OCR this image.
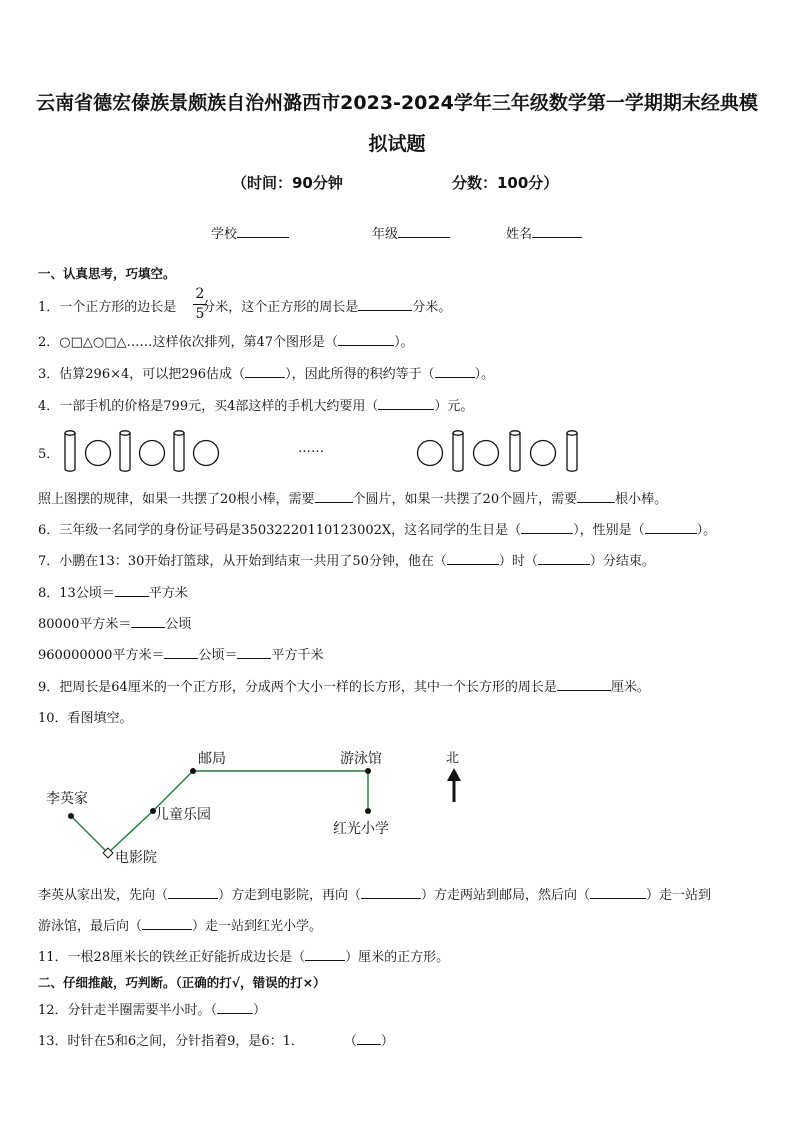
云南省德宏傣族景颇族自治州潞西市2023-2024学年三年级数学第一学期期末经典模
拟试题
（时间：90分钟	分数：100分）
学校	年级	姓名
一、认真思考，巧填空。
1．一个正方形的边长是 分米，这个正方形的周长是	分米。
2
5
2．○□△○□△……这样依次排列，第47个图形是（	）。
3．估算296×4，可以把296估成（	），因此所得的积约等于（	）。
4．一部手机的价格是799元，买4部这样的手机大约要用（	）元。
5．	……
照上图摆的规律，如果一共摆了20根小棒，需要	个圆片，如果一共摆了20个圆片，需要	根小棒。
6．三年级一名同学的身份证号码是35032220110123002X，这名同学的生日是（	），性别是（	）。
7．小鹏在13：30开始打篮球，从开始到结束一共用了50分钟，他在（	）时（	）分结束。
8．13公顷＝	平方米
80000平方米＝	公顷
960000000平方米＝	公顷＝	平方千米
9．把周长是64厘米的一个正方形，分成两个大小一样的长方形，其中一个长方形的周长是	厘米。
10．看图填空。
邮局	游泳馆	北
李英家
儿童乐园
红光小学
电影院
李英从家出发，先向（	）方走到电影院，再向（	）方走两站到邮局，然后向（	）走一站到
游泳馆，最后向（	）走一站到红光小学。
11．一根28厘米长的铁丝正好能折成边长是（	）厘米的正方形。
二、仔细推敲，巧判断。（正确的打√，错误的打×）
12．分针走半圈需要半小时。（	）
13．时针在5和6之间，分针指着9，是6：1．	（ ）
